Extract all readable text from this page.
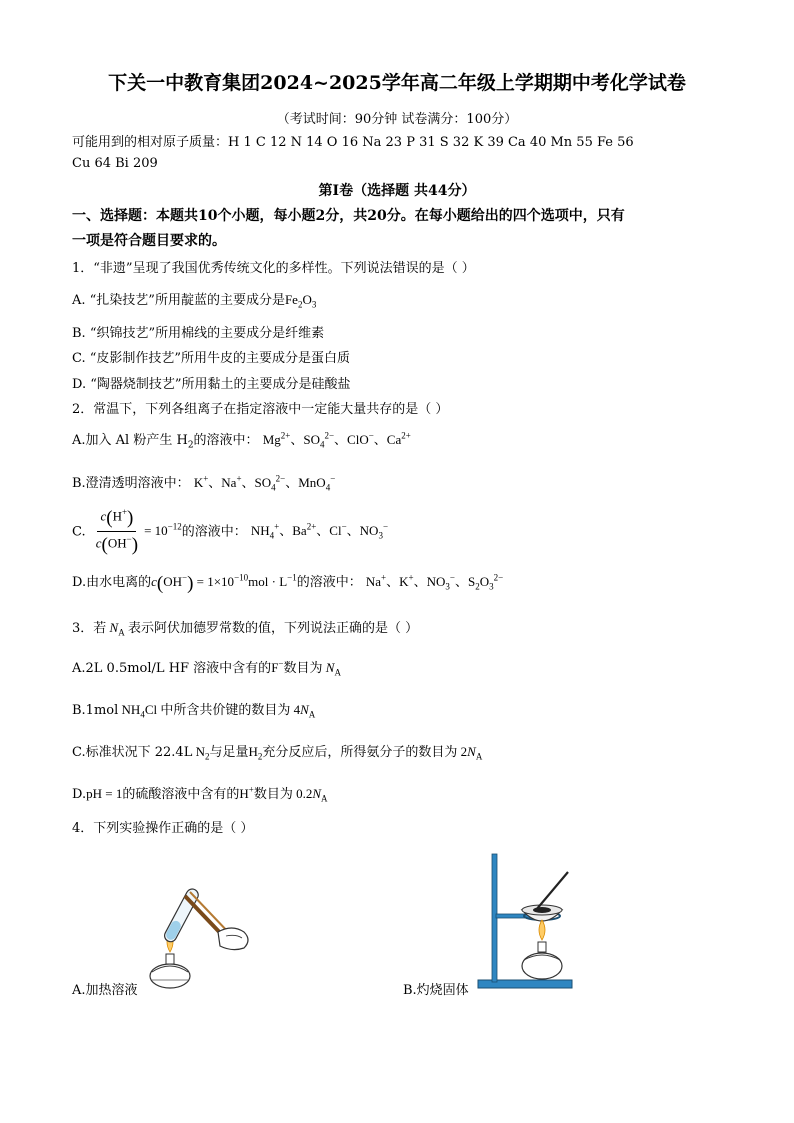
下关一中教育集团2024~2025学年高二年级上学期期中考化学试卷
（考试时间：90分钟 试卷满分：100分）
可能用到的相对原子质量：H 1 C 12 N 14 O 16 Na 23 P 31 S 32 K 39 Ca 40 Mn 55 Fe 56
Cu 64 Bi 209
第Ⅰ卷（选择题 共44分）
一、选择题：本题共10个小题，每小题2分，共20分。在每小题给出的四个选项中，只有
一项是符合题目要求的。
1．“非遗”呈现了我国优秀传统文化的多样性。下列说法错误的是（ ）
A. “扎染技艺”所用靛蓝的主要成分是$Fe_2O_3$
B. “织锦技艺”所用棉线的主要成分是纤维素
C. “皮影制作技艺”所用牛皮的主要成分是蛋白质
D. “陶器烧制技艺”所用黏土的主要成分是硅酸盐
2．常温下，下列各组离子在指定溶液中一定能大量共存的是（ ）
A.加入 Al 粉产生 $H_2$的溶液中： $Mg^{2+}$、$SO_4^{2-}$、ClO−、$Ca^{2+}$
B.澄清透明溶液中： K+、Na+、$SO_4^{2-}$、MnO$_4$−
C. $\frac{c(H^+)}{c(OH^-)} = 10^{-12}$的溶液中： $NH_4^+$、$Ba^{2+}$、Cl−、$NO_3^-$
D.由水电离的$c(OH^-) = 1\times 10^{-10}mol \cdot L^{-1}$的溶液中： Na+、K+、$NO_3^-$、$S_2O_3^{2-}$
3．若 $N_A$ 表示阿伏加德罗常数的值，下列说法正确的是（ ）
A.2L 0.5mol/L HF 溶液中含有的F−数目为 $N_A$
B.1mol $NH_4Cl$ 中所含共价键的数目为 $4N_A$
C.标准状况下 22.4L $N_2$与足量$H_2$充分反应后，所得氨分子的数目为 $2N_A$
D.pH = 1的硫酸溶液中含有的H+数目为 $0.2N_A$
4．下列实验操作正确的是（ ）
A.加热溶液	B.灼烧固体
